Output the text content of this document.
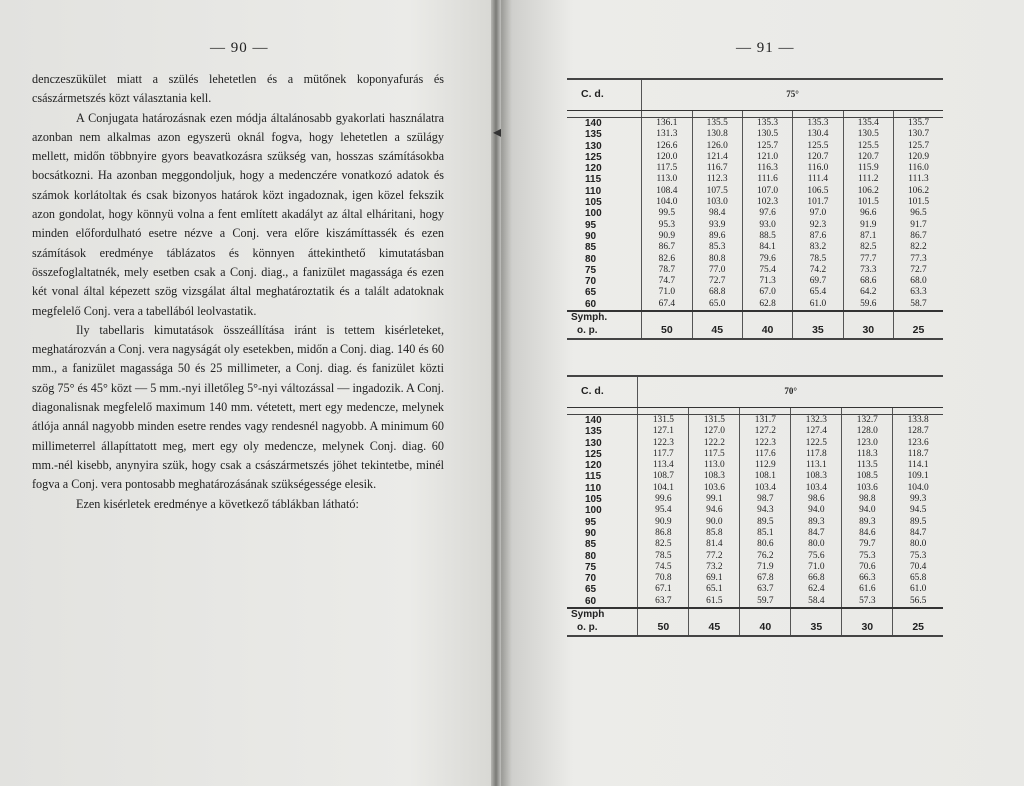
◂
— 90 —

denczeszükület miatt a szülés lehetetlen és a mütőnek koponyafurás és császármetszés közt választania kell.

A Conjugata határozásnak ezen módja általánosabb gyakorlati használatra azonban nem alkalmas azon egyszerü oknál fogva, hogy lehetetlen a szülágy mellett, midőn többnyire gyors beavatkozásra szükség van, hosszas számításokba bocsátkozni. Ha azonban meggondoljuk, hogy a medenczére vonatkozó adatok és számok korlátoltak és csak bizonyos határok közt ingadoznak, igen közel fekszik azon gondolat, hogy könnyü volna a fent említett akadályt az által elháritani, hogy minden előfordulható esetre nézve a Conj. vera előre kiszámíttassék és ezen számítások eredménye táblázatos és könnyen áttekinthető kimutatásban összefoglaltatnék, mely esetben csak a Conj. diag., a fanizület magassága és ezen két vonal által képezett szög vizsgálat által meghatároztatik és a talált adatoknak megfelelő Conj. vera a tabellából leolvastatik.

Ily tabellaris kimutatások összeállítása iránt is tettem kisérleteket, meghatározván a Conj. vera nagyságát oly esetekben, midőn a Conj. diag. 140 és 60 mm., a fanizület magassága 50 és 25 millimeter, a Conj. diag. és fanizület közti szög 75° és 45° közt — 5 mm.-nyi illetőleg 5°-nyi változással — ingadozik. A Conj. diagonalisnak megfelelő maximum 140 mm. vétetett, mert egy medencze, melynek átlója annál nagyobb minden esetre rendes vagy rendesnél nagyobb. A minimum 60 millimeterrel állapíttatott meg, mert egy oly medencze, melynek Conj. diag. 60 mm.-nél kisebb, anynyira szük, hogy csak a császármetszés jöhet tekintetbe, minél fogva a Conj. vera pontosabb meghatározásának szükségessége elesik.

Ezen kisérletek eredménye a következő táblákban látható:

— 91 —
C. d.	75°					

140	136.1	135.5	135.3	135.3	135.4	135.7
135	131.3	130.8	130.5	130.4	130.5	130.7
130	126.6	126.0	125.7	125.5	125.5	125.7
125	120.0	121.4	121.0	120.7	120.7	120.9
120	117.5	116.7	116.3	116.0	115.9	116.0
115	113.0	112.3	111.6	111.4	111.2	111.3
110	108.4	107.5	107.0	106.5	106.2	106.2
105	104.0	103.0	102.3	101.7	101.5	101.5
100	99.5	98.4	97.6	97.0	96.6	96.5
95	95.3	93.9	93.0	92.3	91.9	91.7
90	90.9	89.6	88.5	87.6	87.1	86.7
85	86.7	85.3	84.1	83.2	82.5	82.2
80	82.6	80.8	79.6	78.5	77.7	77.3
75	78.7	77.0	75.4	74.2	73.3	72.7
70	74.7	72.7	71.3	69.7	68.6	68.0
65	71.0	68.8	67.0	65.4	64.2	63.3
60	67.4	65.0	62.8	61.0	59.6	58.7
Symph.						
o. p.	50	45	40	35	30	25
C. d.	70°					

140	131.5	131.5	131.7	132.3	132.7	133.8
135	127.1	127.0	127.2	127.4	128.0	128.7
130	122.3	122.2	122.3	122.5	123.0	123.6
125	117.7	117.5	117.6	117.8	118.3	118.7
120	113.4	113.0	112.9	113.1	113.5	114.1
115	108.7	108.3	108.1	108.3	108.5	109.1
110	104.1	103.6	103.4	103.4	103.6	104.0
105	99.6	99.1	98.7	98.6	98.8	99.3
100	95.4	94.6	94.3	94.0	94.0	94.5
95	90.9	90.0	89.5	89.3	89.3	89.5
90	86.8	85.8	85.1	84.7	84.6	84.7
85	82.5	81.4	80.6	80.0	79.7	80.0
80	78.5	77.2	76.2	75.6	75.3	75.3
75	74.5	73.2	71.9	71.0	70.6	70.4
70	70.8	69.1	67.8	66.8	66.3	65.8
65	67.1	65.1	63.7	62.4	61.6	61.0
60	63.7	61.5	59.7	58.4	57.3	56.5
Symph						
o. p.	50	45	40	35	30	25
